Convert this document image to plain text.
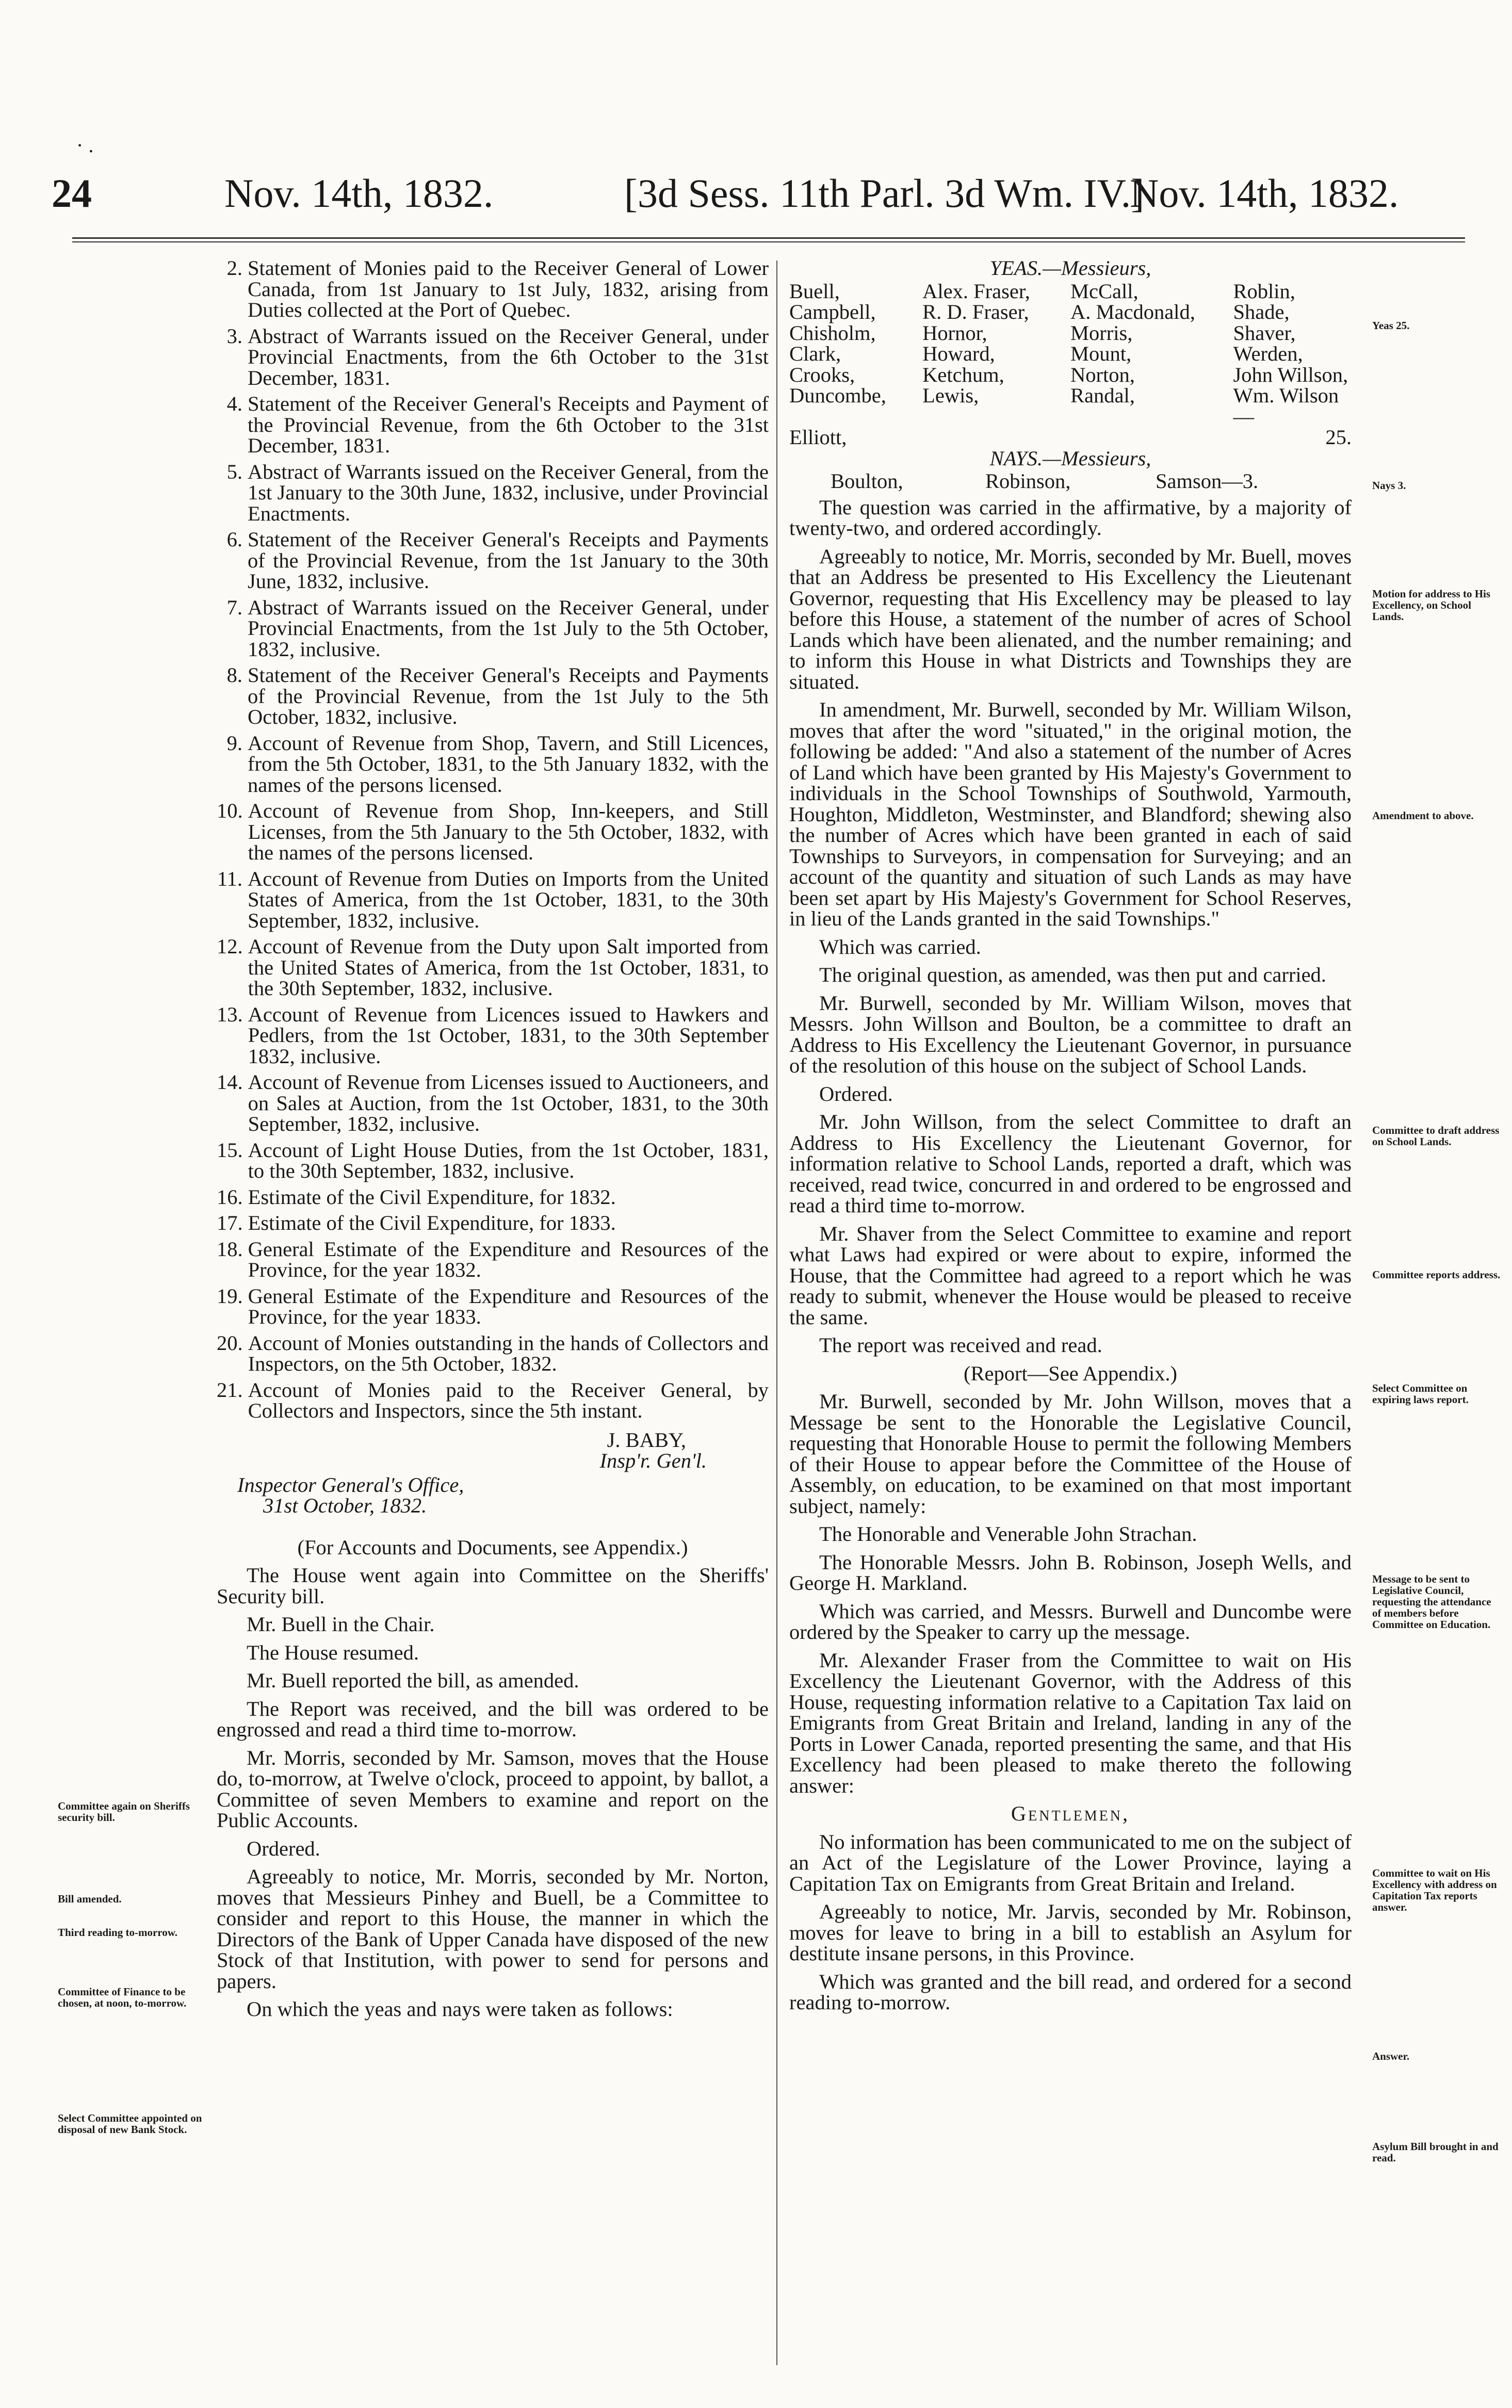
· .
24	Nov. 14th, 1832.	[3d Sess. 11th Parl. 3d Wm. IV.]
Nov. 14th, 1832.
2. Statement of Monies paid to the Receiver General of Lower Canada, from 1st January to 1st July, 1832, arising from Duties collected at the Port of Quebec.
3. Abstract of Warrants issued on the Receiver General, under Provincial Enactments, from the 6th October to the 31st December, 1831.
4. Statement of the Receiver General's Receipts and Payment of the Provincial Revenue, from the 6th October to the 31st December, 1831.
5. Abstract of Warrants issued on the Receiver General, from the 1st January to the 30th June, 1832, inclusive, under Provincial Enactments.
6. Statement of the Receiver General's Receipts and Payments of the Provincial Revenue, from the 1st January to the 30th June, 1832, inclusive.
7. Abstract of Warrants issued on the Receiver General, under Provincial Enactments, from the 1st July to the 5th October, 1832, inclusive.
8. Statement of the Receiver General's Receipts and Payments of the Provincial Revenue, from the 1st July to the 5th October, 1832, inclusive.
9. Account of Revenue from Shop, Tavern, and Still Licences, from the 5th October, 1831, to the 5th January 1832, with the names of the persons licensed.
10. Account of Revenue from Shop, Inn-keepers, and Still Licenses, from the 5th January to the 5th October, 1832, with the names of the persons licensed.
11. Account of Revenue from Duties on Imports from the United States of America, from the 1st October, 1831, to the 30th September, 1832, inclusive.
12. Account of Revenue from the Duty upon Salt imported from the United States of America, from the 1st October, 1831, to the 30th September, 1832, inclusive.
13. Account of Revenue from Licences issued to Hawkers and Pedlers, from the 1st October, 1831, to the 30th September 1832, inclusive.
14. Account of Revenue from Licenses issued to Auctioneers, and on Sales at Auction, from the 1st October, 1831, to the 30th September, 1832, inclusive.
15. Account of Light House Duties, from the 1st October, 1831, to the 30th September, 1832, inclusive.
16. Estimate of the Civil Expenditure, for 1832.
17. Estimate of the Civil Expenditure, for 1833.
18. General Estimate of the Expenditure and Resources of the Province, for the year 1832.
19. General Estimate of the Expenditure and Resources of the Province, for the year 1833.
20. Account of Monies outstanding in the hands of Collectors and Inspectors, on the 5th October, 1832.
21. Account of Monies paid to the Receiver General, by Collectors and Inspectors, since the 5th instant.
J. BABY,
Insp'r. Gen'l.
Inspector General's Office,
31st October, 1832.

(For Accounts and Documents, see Appendix.)

The House went again into Committee on the Sheriffs' Security bill.

Mr. Buell in the Chair.

The House resumed.

Mr. Buell reported the bill, as amended.

The Report was received, and the bill was ordered to be engrossed and read a third time to-morrow.

Mr. Morris, seconded by Mr. Samson, moves that the House do, to-morrow, at Twelve o'clock, proceed to appoint, by ballot, a Committee of seven Members to examine and report on the Public Accounts.

Ordered.

Agreeably to notice, Mr. Morris, seconded by Mr. Norton, moves that Messieurs Pinhey and Buell, be a Committee to consider and report to this House, the manner in which the Directors of the Bank of Upper Canada have disposed of the new Stock of that Institution, with power to send for persons and papers.

On which the yeas and nays were taken as follows:

YEAS.—Messieurs,
Buell,	Alex. Fraser,	McCall,	Roblin,
Campbell,	R. D. Fraser,	A. Macdonald,	Shade,
Chisholm,	Hornor,	Morris,	Shaver,
Clark,	Howard,	Mount,	Werden,
Crooks,	Ketchum,	Norton,	John Willson,
Duncombe,	Lewis,	Randal,	Wm. Wilson—
Elliott,	25.
NAYS.—Messieurs,
Boulton,	Robinson,	Samson—3.

The question was carried in the affirmative, by a majority of twenty-two, and ordered accordingly.

Agreeably to notice, Mr. Morris, seconded by Mr. Buell, moves that an Address be presented to His Excellency the Lieutenant Governor, requesting that His Excellency may be pleased to lay before this House, a statement of the number of acres of School Lands which have been alienated, and the number remaining; and to inform this House in what Districts and Townships they are situated.

In amendment, Mr. Burwell, seconded by Mr. William Wilson, moves that after the word "situated," in the original motion, the following be added: "And also a statement of the number of Acres of Land which have been granted by His Majesty's Government to individuals in the School Townships of Southwold, Yarmouth, Houghton, Middleton, Westminster, and Blandford; shewing also the number of Acres which have been granted in each of said Townships to Surveyors, in compensation for Surveying; and an account of the quantity and situation of such Lands as may have been set apart by His Majesty's Government for School Reserves, in lieu of the Lands granted in the said Townships."

Which was carried.

The original question, as amended, was then put and carried.

Mr. Burwell, seconded by Mr. William Wilson, moves that Messrs. John Willson and Boulton, be a committee to draft an Address to His Excellency the Lieutenant Governor, in pursuance of the resolution of this house on the subject of School Lands.

Ordered.

Mr. John Willson, from the select Committee to draft an Address to His Excellency the Lieutenant Governor, for information relative to School Lands, reported a draft, which was received, read twice, concurred in and ordered to be engrossed and read a third time to-morrow.

Mr. Shaver from the Select Committee to examine and report what Laws had expired or were about to expire, informed the House, that the Committee had agreed to a report which he was ready to submit, whenever the House would be pleased to receive the same.

The report was received and read.

(Report—See Appendix.)

Mr. Burwell, seconded by Mr. John Willson, moves that a Message be sent to the Honorable the Legislative Council, requesting that Honorable House to permit the following Members of their House to appear before the Committee of the House of Assembly, on education, to be examined on that most important subject, namely:

The Honorable and Venerable John Strachan.

The Honorable Messrs. John B. Robinson, Joseph Wells, and George H. Markland.

Which was carried, and Messrs. Burwell and Duncombe were ordered by the Speaker to carry up the message.

Mr. Alexander Fraser from the Committee to wait on His Excellency the Lieutenant Governor, with the Address of this House, requesting information relative to a Capitation Tax laid on Emigrants from Great Britain and Ireland, landing in any of the Ports in Lower Canada, reported presenting the same, and that His Excellency had been pleased to make thereto the following answer:

Gentlemen,

No information has been communicated to me on the subject of an Act of the Legislature of the Lower Province, laying a Capitation Tax on Emigrants from Great Britain and Ireland.

Agreeably to notice, Mr. Jarvis, seconded by Mr. Robinson, moves for leave to bring in a bill to establish an Asylum for destitute insane persons, in this Province.

Which was granted and the bill read, and ordered for a second reading to-morrow.

Committee again on Sheriffs security bill.
Bill amended.
Third reading to-morrow.
Committee of Finance to be chosen, at noon, to-morrow.
Select Committee appointed on disposal of new Bank Stock.
Yeas 25.
Nays 3.
Motion for address to His Excellency, on School Lands.
Amendment to above.
Committee to draft address on School Lands.
Committee reports address.
Select Committee on expiring laws report.
Message to be sent to Legislative Council, requesting the attendance of members before Committee on Education.
Committee to wait on His Excellency with address on Capitation Tax reports answer.
Answer.
Asylum Bill brought in and read.
